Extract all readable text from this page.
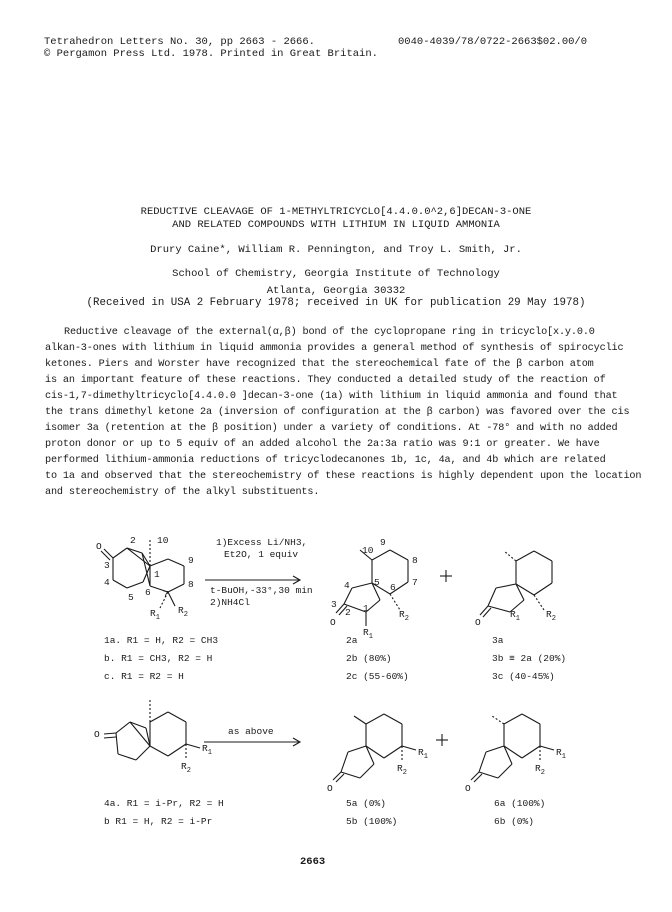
Tetrahedron Letters No. 30, pp 2663 - 2666.
© Pergamon Press Ltd. 1978. Printed in Great Britain.
0040-4039/78/0722-2663$02.00/0
REDUCTIVE CLEAVAGE OF 1-METHYLTRICYCLO[4.4.0.0^2,6]DECAN-3-ONE
AND RELATED COMPOUNDS WITH LITHIUM IN LIQUID AMMONIA
Drury Caine*, William R. Pennington, and Troy L. Smith, Jr.
School of Chemistry, Georgia Institute of Technology
Atlanta, Georgia 30332
(Received in USA 2 February 1978; received in UK for publication 29 May 1978)
Reductive cleavage of the external(α,β) bond of the cyclopropane ring in tricyclo[x.y.0.0
alkan-3-ones with lithium in liquid ammonia provides a general method of synthesis of spirocyclic
ketones. Piers and Worster have recognized that the stereochemical fate of the β carbon atom
is an important feature of these reactions. They conducted a detailed study of the reaction of
cis-1,7-dimethyltricyclo[4.4.0.0 ]decan-3-one (1a) with lithium in liquid ammonia and found that
the trans dimethyl ketone 2a (inversion of configuration at the β carbon) was favored over the cis
isomer 3a (retention at the β position) under a variety of conditions. At -78° and with no added
proton donor or up to 5 equiv of an added alcohol the 2a:3a ratio was 9:1 or greater. We have
performed lithium-ammonia reductions of tricyclodecanones 1b, 1c, 4a, and 4b which are related
to 1a and observed that the stereochemistry of these reactions is highly dependent upon the location
and stereochemistry of the alkyl substituents.
O
2 10
3
4
1
9
8
5 6 7
$R_1$
$R_2$
1)Excess Li/NH3,
Et2O, 1 equiv
t-BuOH,-33°,30 min
2)NH4Cl
10
9
8
7
4	5 6
3
2 1
O
$R_2$
$R_1$
O
$R_1$	$R_2$
1a. R1 = H, R2 = CH3
b. R1 = CH3, R2 = H
c. R1 = R2 = H
2a
2b (80%)
2c (55-60%)
3a
3b ≡ 2a (20%)
3c (40-45%)
O
$R_1$
$R_2$
as above
O
$R_1$
$R_2$
O
$R_1$
$R_2$
4a. R1 = i-Pr, R2 = H
b R1 = H, R2 = i-Pr
5a (0%)
5b (100%)
6a (100%)
6b (0%)
2663
